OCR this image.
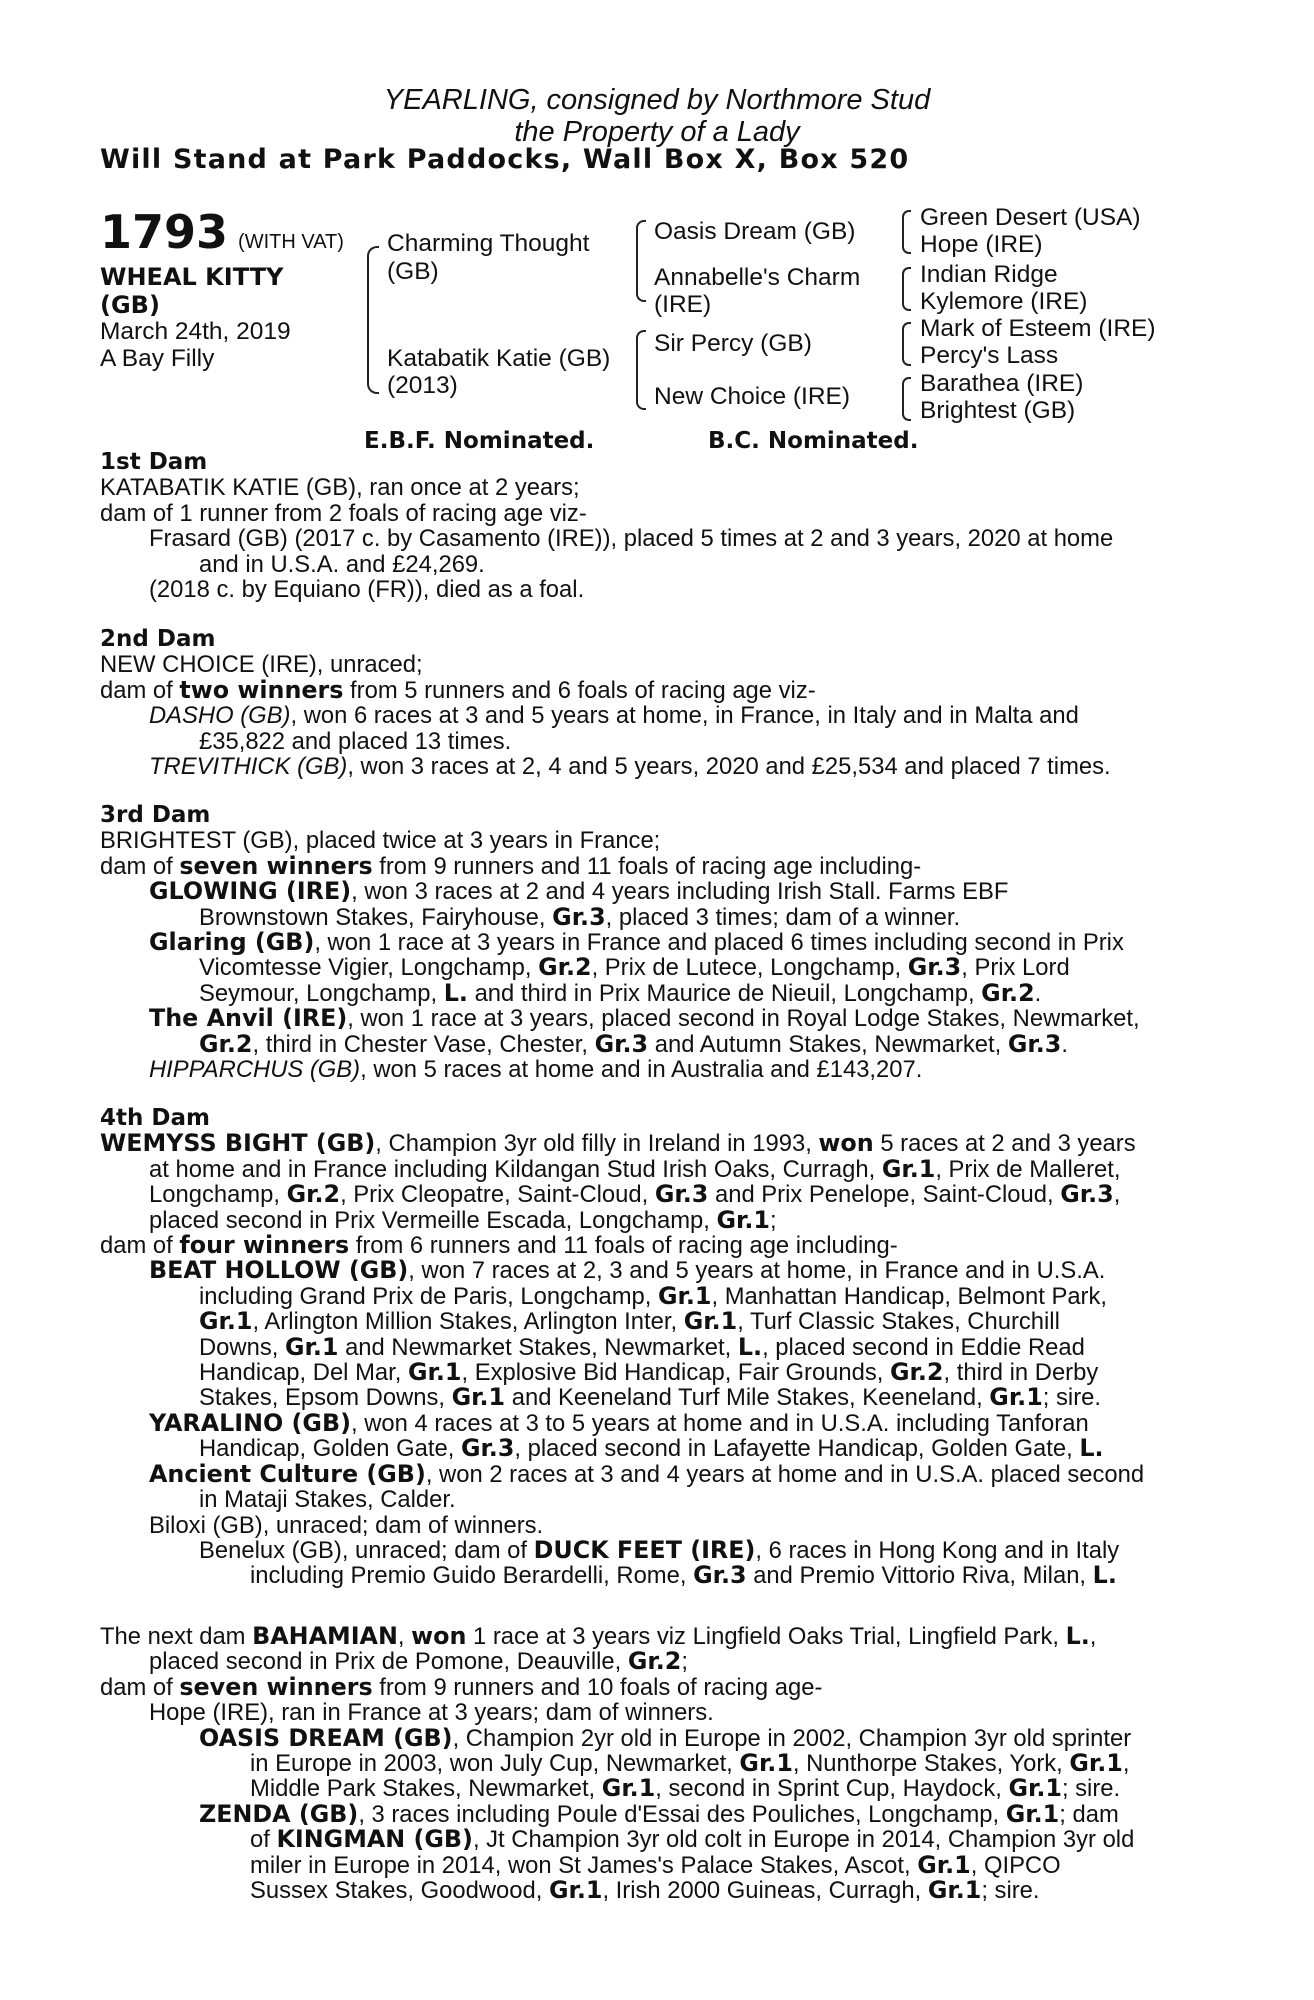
YEARLING, consigned by Northmore Stud
the Property of a Lady
Will Stand at Park Paddocks, Wall Box X, Box 520
1793 (WITH VAT)
WHEAL KITTY
(GB)
March 24th, 2019
A Bay Filly
Charming Thought
(GB)
Katabatik Katie (GB)
(2013)
Oasis Dream (GB)
Annabelle's Charm
(IRE)
Sir Percy (GB)
New Choice (IRE)
Green Desert (USA)
Hope (IRE)
Indian Ridge
Kylemore (IRE)
Mark of Esteem (IRE)
Percy's Lass
Barathea (IRE)
Brightest (GB)
E.B.F. Nominated.	B.C. Nominated.
1st Dam
KATABATIK KATIE (GB), ran once at 2 years;
dam of 1 runner from 2 foals of racing age viz-
Frasard (GB) (2017 c. by Casamento (IRE)), placed 5 times at 2 and 3 years, 2020 at home
and in U.S.A. and £24,269.
(2018 c. by Equiano (FR)), died as a foal.
2nd Dam
NEW CHOICE (IRE), unraced;
dam of two winners from 5 runners and 6 foals of racing age viz-
DASHO (GB), won 6 races at 3 and 5 years at home, in France, in Italy and in Malta and
£35,822 and placed 13 times.
TREVITHICK (GB), won 3 races at 2, 4 and 5 years, 2020 and £25,534 and placed 7 times.
3rd Dam
BRIGHTEST (GB), placed twice at 3 years in France;
dam of seven winners from 9 runners and 11 foals of racing age including-
GLOWING (IRE), won 3 races at 2 and 4 years including Irish Stall. Farms EBF
Brownstown Stakes, Fairyhouse, Gr.3, placed 3 times; dam of a winner.
Glaring (GB), won 1 race at 3 years in France and placed 6 times including second in Prix
Vicomtesse Vigier, Longchamp, Gr.2, Prix de Lutece, Longchamp, Gr.3, Prix Lord
Seymour, Longchamp, L. and third in Prix Maurice de Nieuil, Longchamp, Gr.2.
The Anvil (IRE), won 1 race at 3 years, placed second in Royal Lodge Stakes, Newmarket,
Gr.2, third in Chester Vase, Chester, Gr.3 and Autumn Stakes, Newmarket, Gr.3.
HIPPARCHUS (GB), won 5 races at home and in Australia and £143,207.
4th Dam
WEMYSS BIGHT (GB), Champion 3yr old filly in Ireland in 1993, won 5 races at 2 and 3 years
at home and in France including Kildangan Stud Irish Oaks, Curragh, Gr.1, Prix de Malleret,
Longchamp, Gr.2, Prix Cleopatre, Saint-Cloud, Gr.3 and Prix Penelope, Saint-Cloud, Gr.3,
placed second in Prix Vermeille Escada, Longchamp, Gr.1;
dam of four winners from 6 runners and 11 foals of racing age including-
BEAT HOLLOW (GB), won 7 races at 2, 3 and 5 years at home, in France and in U.S.A.
including Grand Prix de Paris, Longchamp, Gr.1, Manhattan Handicap, Belmont Park,
Gr.1, Arlington Million Stakes, Arlington Inter, Gr.1, Turf Classic Stakes, Churchill
Downs, Gr.1 and Newmarket Stakes, Newmarket, L., placed second in Eddie Read
Handicap, Del Mar, Gr.1, Explosive Bid Handicap, Fair Grounds, Gr.2, third in Derby
Stakes, Epsom Downs, Gr.1 and Keeneland Turf Mile Stakes, Keeneland, Gr.1; sire.
YARALINO (GB), won 4 races at 3 to 5 years at home and in U.S.A. including Tanforan
Handicap, Golden Gate, Gr.3, placed second in Lafayette Handicap, Golden Gate, L.
Ancient Culture (GB), won 2 races at 3 and 4 years at home and in U.S.A. placed second
in Mataji Stakes, Calder.
Biloxi (GB), unraced; dam of winners.
Benelux (GB), unraced; dam of DUCK FEET (IRE), 6 races in Hong Kong and in Italy
including Premio Guido Berardelli, Rome, Gr.3 and Premio Vittorio Riva, Milan, L.
The next dam BAHAMIAN, won 1 race at 3 years viz Lingfield Oaks Trial, Lingfield Park, L.,
placed second in Prix de Pomone, Deauville, Gr.2;
dam of seven winners from 9 runners and 10 foals of racing age-
Hope (IRE), ran in France at 3 years; dam of winners.
OASIS DREAM (GB), Champion 2yr old in Europe in 2002, Champion 3yr old sprinter
in Europe in 2003, won July Cup, Newmarket, Gr.1, Nunthorpe Stakes, York, Gr.1,
Middle Park Stakes, Newmarket, Gr.1, second in Sprint Cup, Haydock, Gr.1; sire.
ZENDA (GB), 3 races including Poule d'Essai des Pouliches, Longchamp, Gr.1; dam
of KINGMAN (GB), Jt Champion 3yr old colt in Europe in 2014, Champion 3yr old
miler in Europe in 2014, won St James's Palace Stakes, Ascot, Gr.1, QIPCO
Sussex Stakes, Goodwood, Gr.1, Irish 2000 Guineas, Curragh, Gr.1; sire.
